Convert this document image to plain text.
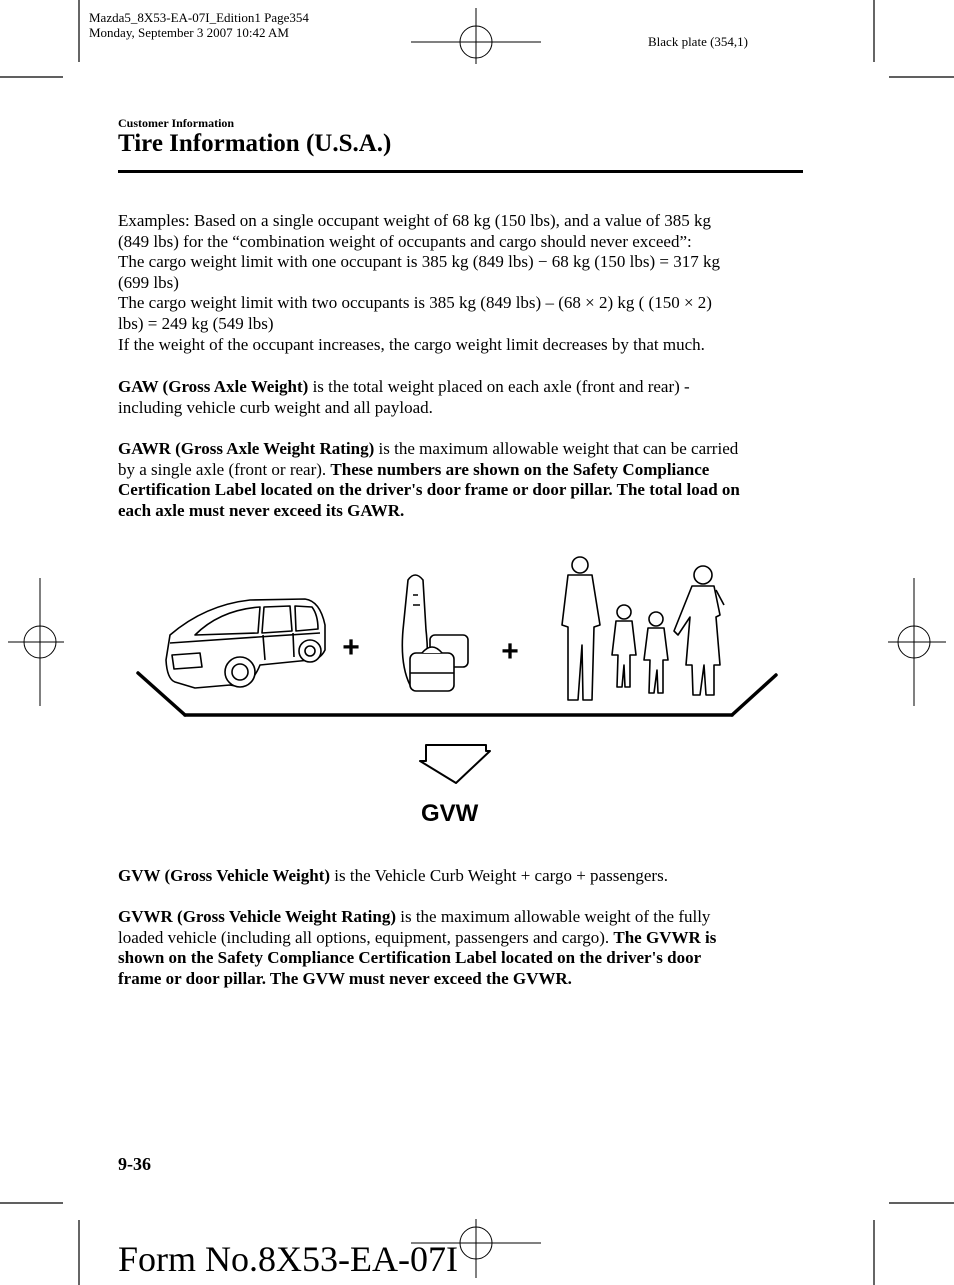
Mazda5_8X53-EA-07I_Edition1 Page354
Monday, September 3 2007 10:42 AM
Black plate (354,1)
Customer Information
Tire Information (U.S.A.)

Examples: Based on a single occupant weight of 68 kg (150 lbs), and a value of 385 kg
(849 lbs) for the “combination weight of occupants and cargo should never exceed”:
The cargo weight limit with one occupant is 385 kg (849 lbs) − 68 kg (150 lbs) = 317 kg
(699 lbs)
The cargo weight limit with two occupants is 385 kg (849 lbs) – (68 × 2) kg ( (150 × 2)
lbs) = 249 kg (549 lbs)
If the weight of the occupant increases, the cargo weight limit decreases by that much.

GAW (Gross Axle Weight) is the total weight placed on each axle (front and rear) -
including vehicle curb weight and all payload.

GAWR (Gross Axle Weight Rating) is the maximum allowable weight that can be carried
by a single axle (front or rear). These numbers are shown on the Safety Compliance
Certification Label located on the driver's door frame or door pillar. The total load on
each axle must never exceed its GAWR.

+	+
GVW

GVW (Gross Vehicle Weight) is the Vehicle Curb Weight + cargo + passengers.

GVWR (Gross Vehicle Weight Rating) is the maximum allowable weight of the fully
loaded vehicle (including all options, equipment, passengers and cargo). The GVWR is
shown on the Safety Compliance Certification Label located on the driver's door
frame or door pillar. The GVW must never exceed the GVWR.

9-36
Form No.8X53-EA-07I
